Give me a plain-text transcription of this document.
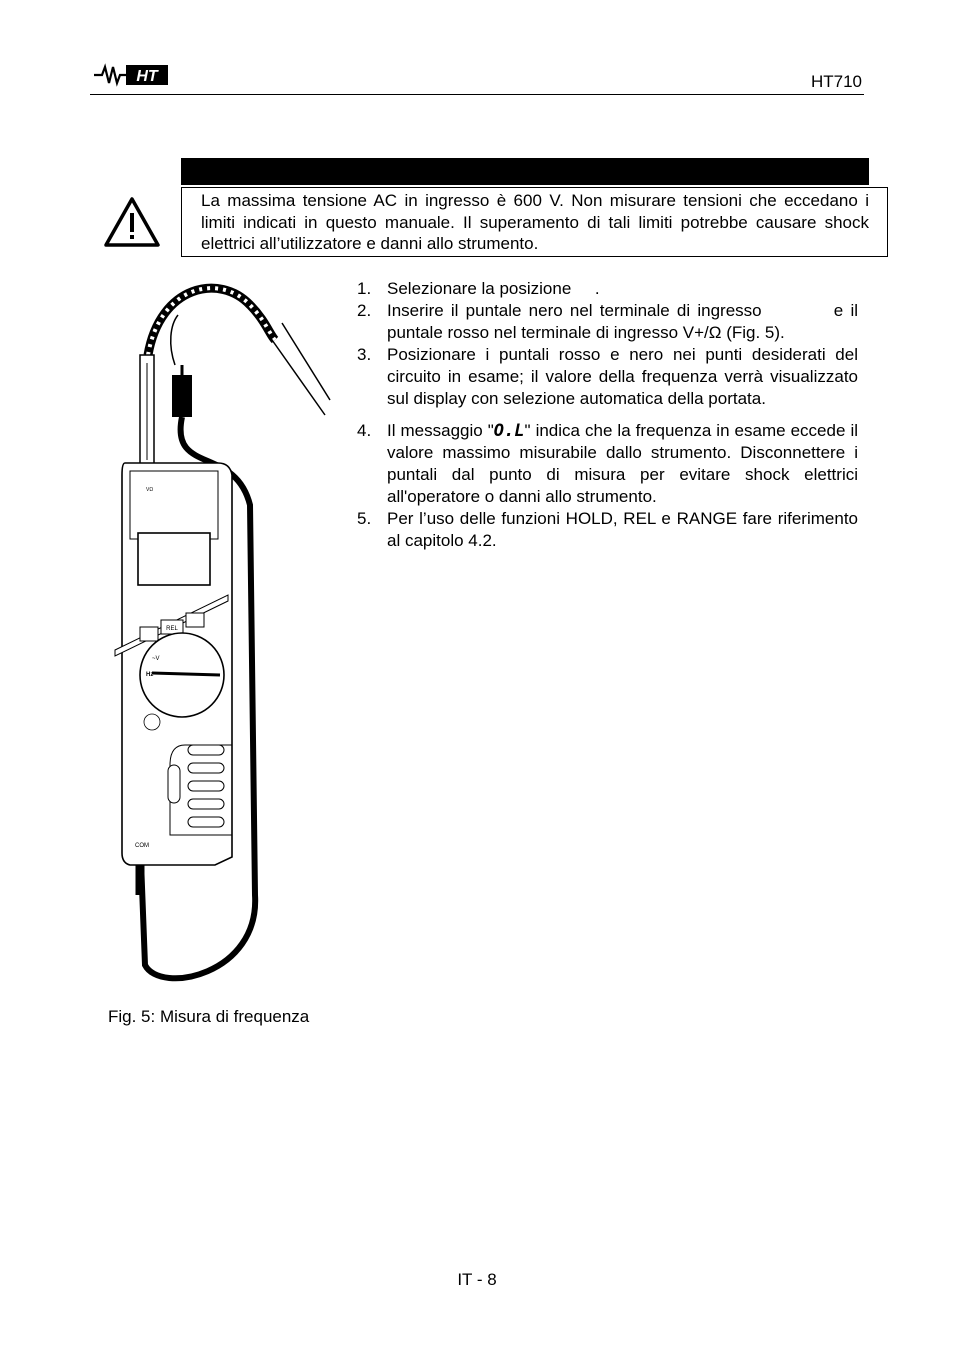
HT	HT710
La massima tensione AC in ingresso è 600 V. Non misurare tensioni che eccedano i limiti indicati in questo manuale. Il superamento di tali limiti potrebbe causare shock elettrici all’utilizzatore e danni allo strumento.
1. Selezionare la posizione     .
2. Inserire il puntale nero nel terminale di ingresso          e il puntale rosso nel terminale di ingresso V+/Ω (Fig. 5).
3. Posizionare i puntali rosso e nero nei punti desiderati del circuito in esame; il valore della frequenza verrà visualizzato sul display con selezione automatica della portata.
4. Il messaggio "O.L" indica che la frequenza in esame eccede il valore massimo misurabile dallo strumento. Disconnettere i puntali dal punto di misura per evitare shock elettrici all'operatore o danni allo strumento.
5. Per l’uso delle funzioni HOLD, REL e RANGE fare riferimento al capitolo 4.2.
REL
~V
Hz
COM
VΩ
Fig. 5: Misura di frequenza
IT - 8
